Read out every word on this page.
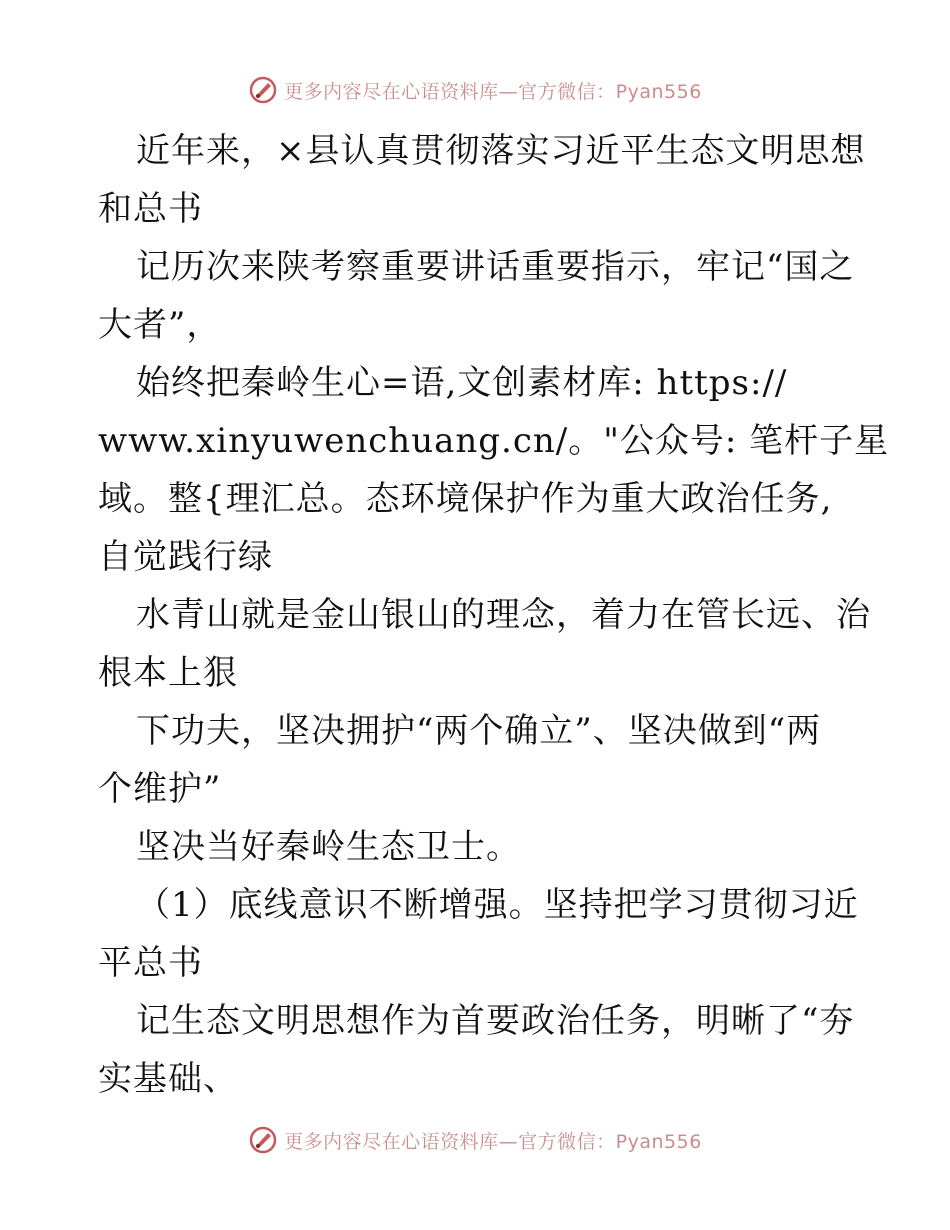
更多内容尽在心语资料库—官方微信：Pyan556
近年来，×县认真贯彻落实习近平生态文明思想
和总书
记历次来陕考察重要讲话重要指示，牢记“国之
大者”，
始终把秦岭生心=语,文创素材库: https://
www.xinyuwenchuang.cn/。"公众号: 笔杆子星
域。整{理汇总。态环境保护作为重大政治任务,
自觉践行绿
水青山就是金山银山的理念，着力在管长远、治
根本上狠
下功夫，坚决拥护“两个确立”、坚决做到“两
个维护”
坚决当好秦岭生态卫士。
（1）底线意识不断增强。坚持把学习贯彻习近
平总书
记生态文明思想作为首要政治任务，明晰了“夯
实基础、
更多内容尽在心语资料库—官方微信：Pyan556
